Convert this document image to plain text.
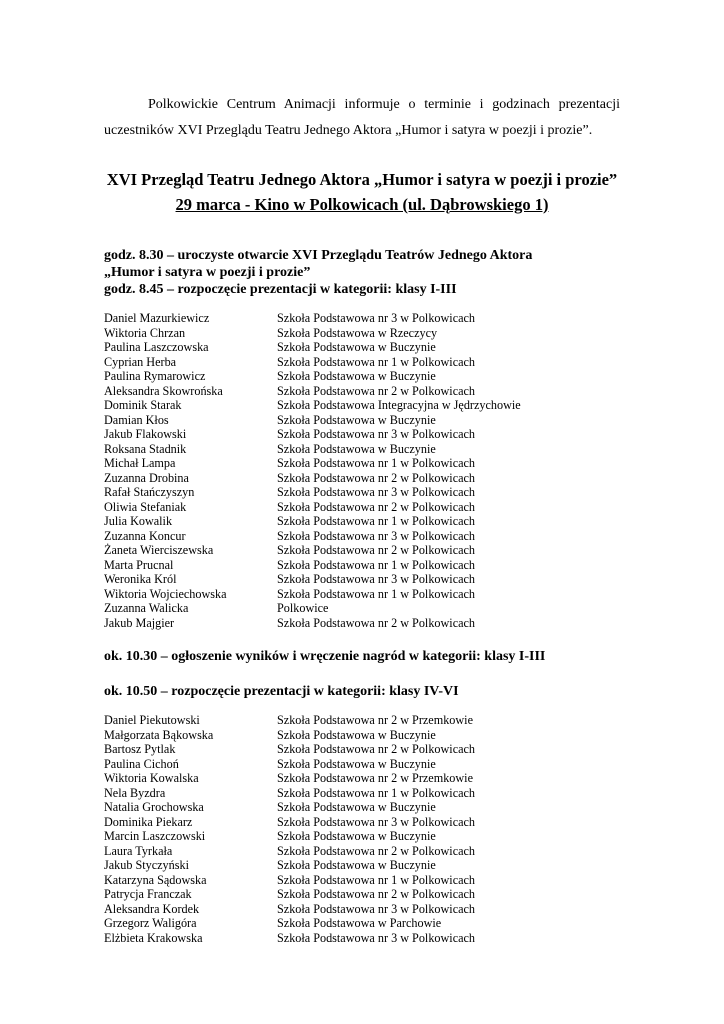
Polkowickie Centrum Animacji informuje o terminie i godzinach prezentacji
uczestników XVI Przeglądu Teatru Jednego Aktora „Humor i satyra w poezji i prozie”.
XVI Przegląd Teatru Jednego Aktora „Humor i satyra w poezji i prozie”
29 marca - Kino w Polkowicach (ul. Dąbrowskiego 1)
godz. 8.30 – uroczyste otwarcie XVI Przeglądu Teatrów Jednego Aktora
„Humor i satyra w poezji i prozie”
godz. 8.45 – rozpoczęcie prezentacji w kategorii: klasy I-III
Daniel Mazurkiewicz	Szkoła Podstawowa nr 3 w Polkowicach
Wiktoria Chrzan	Szkoła Podstawowa w Rzeczycy
Paulina Laszczowska	Szkoła Podstawowa w Buczynie
Cyprian Herba	Szkoła Podstawowa nr 1 w Polkowicach
Paulina Rymarowicz	Szkoła Podstawowa w Buczynie
Aleksandra Skowrońska	Szkoła Podstawowa nr 2 w Polkowicach
Dominik Starak	Szkoła Podstawowa Integracyjna w Jędrzychowie
Damian Kłos	Szkoła Podstawowa w Buczynie
Jakub Flakowski	Szkoła Podstawowa nr 3 w Polkowicach
Roksana Stadnik	Szkoła Podstawowa w Buczynie
Michał Lampa	Szkoła Podstawowa nr 1 w Polkowicach
Zuzanna Drobina	Szkoła Podstawowa nr 2 w Polkowicach
Rafał Stańczyszyn	Szkoła Podstawowa nr 3 w Polkowicach
Oliwia Stefaniak	Szkoła Podstawowa nr 2 w Polkowicach
Julia Kowalik	Szkoła Podstawowa nr 1 w Polkowicach
Zuzanna Koncur	Szkoła Podstawowa nr 3 w Polkowicach
Żaneta Wierciszewska	Szkoła Podstawowa nr 2 w Polkowicach
Marta Prucnal	Szkoła Podstawowa nr 1 w Polkowicach
Weronika Król	Szkoła Podstawowa nr 3 w Polkowicach
Wiktoria Wojciechowska	Szkoła Podstawowa nr 1 w Polkowicach
Zuzanna Walicka	Polkowice
Jakub Majgier	Szkoła Podstawowa nr 2 w Polkowicach
ok. 10.30 – ogłoszenie wyników i wręczenie nagród w kategorii: klasy I-III
ok. 10.50 – rozpoczęcie prezentacji w kategorii: klasy IV-VI
Daniel Piekutowski	Szkoła Podstawowa nr 2 w Przemkowie
Małgorzata Bąkowska	Szkoła Podstawowa w Buczynie
Bartosz Pytlak	Szkoła Podstawowa nr 2 w Polkowicach
Paulina Cichoń	Szkoła Podstawowa w Buczynie
Wiktoria Kowalska	Szkoła Podstawowa nr 2 w Przemkowie
Nela Byzdra	Szkoła Podstawowa nr 1 w Polkowicach
Natalia Grochowska	Szkoła Podstawowa w Buczynie
Dominika Piekarz	Szkoła Podstawowa nr 3 w Polkowicach
Marcin Laszczowski	Szkoła Podstawowa w Buczynie
Laura Tyrkała	Szkoła Podstawowa nr 2 w Polkowicach
Jakub Styczyński	Szkoła Podstawowa w Buczynie
Katarzyna Sądowska	Szkoła Podstawowa nr 1 w Polkowicach
Patrycja Franczak	Szkoła Podstawowa nr 2 w Polkowicach
Aleksandra Kordek	Szkoła Podstawowa nr 3 w Polkowicach
Grzegorz Waligóra	Szkoła Podstawowa w Parchowie
Elżbieta Krakowska	Szkoła Podstawowa nr 3 w Polkowicach
